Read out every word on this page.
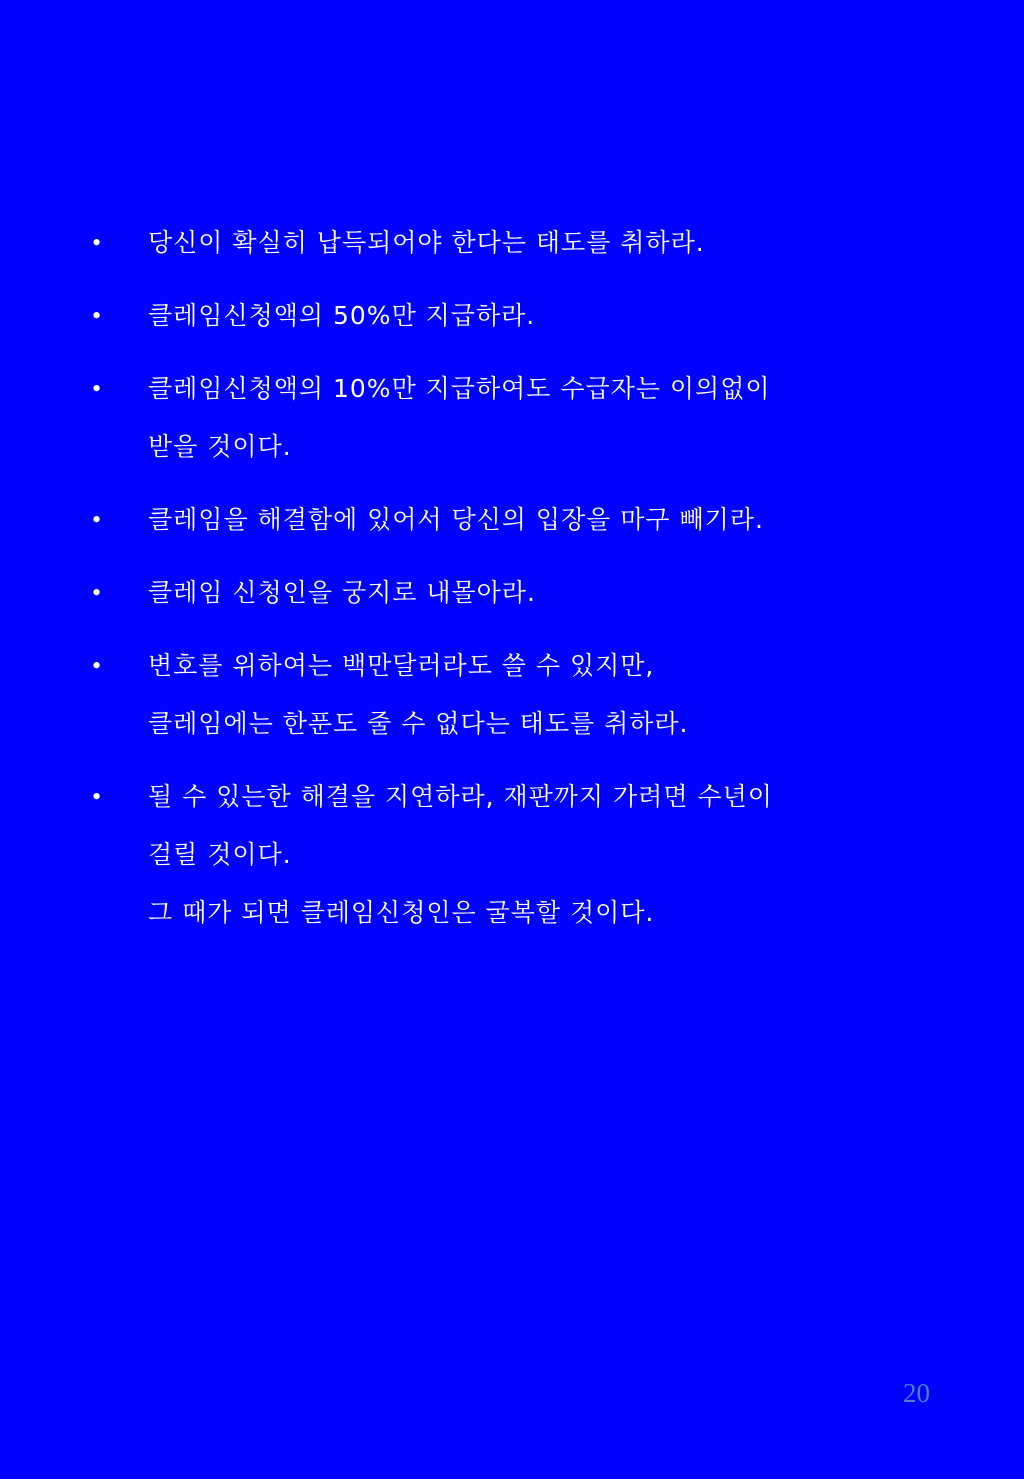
• 당신이 확실히 납득되어야 한다는 태도를 취하라.
• 클레임신청액의 50%만 지급하라.
• 클레임신청액의 10%만 지급하여도 수급자는 이의없이
받을 것이다.
• 클레임을 해결함에 있어서 당신의 입장을 마구 빼기라.
• 클레임 신청인을 궁지로 내몰아라.
• 변호를 위하여는 백만달러라도 쓸 수 있지만,
클레임에는 한푼도 줄 수 없다는 태도를 취하라.
• 될 수 있는한 해결을 지연하라, 재판까지 가려면 수년이
걸릴 것이다.
그 때가 되면 클레임신청인은 굴복할 것이다.
20
